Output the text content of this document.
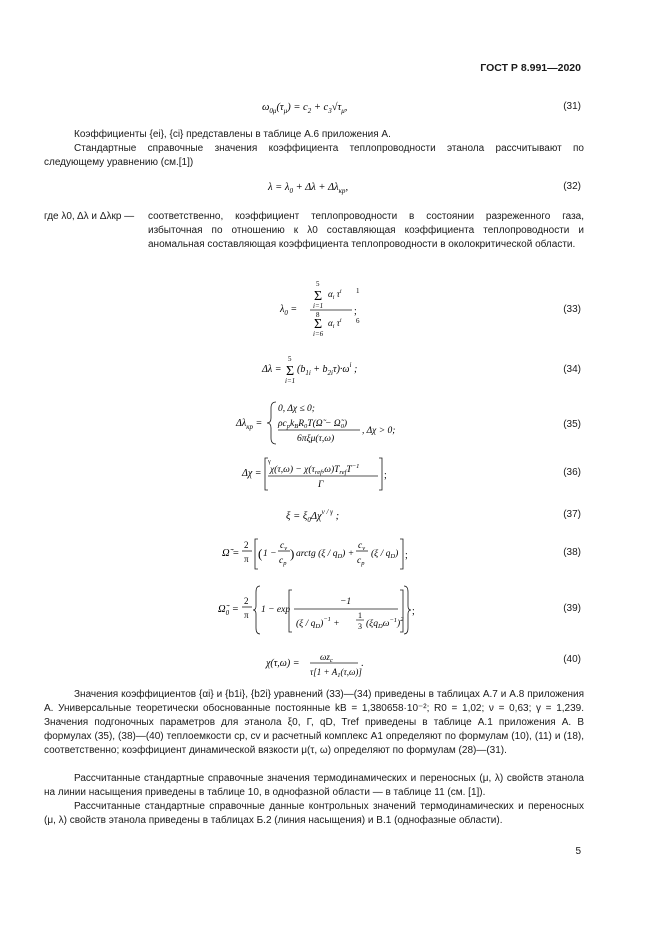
ГОСТ Р 8.991—2020
$\omega_{0\mu}(\tau_\mu) = c_2 + c_3√\tau_\mu$,	(31)
Коэффициенты {ei}, {ci} представлены в таблице А.6 приложения А.
Стандартные справочные значения коэффициента теплопроводности этанола рассчитывают по следующему уравнению (см.[1])
$\lambda = \lambda_0 + \Delta\lambda + \Delta\lambda_{кр}$,	(32)
где λ0, Δλ и Δλкр — соответственно, коэффициент теплопроводности в состоянии разреженного газа, избыточная по отношению к λ0 составляющая коэффициента теплопроводности и аномальная составляющая коэффициента теплопроводности в околокритической области.
$\lambda_0$ =
5
Σ
i=1
$\alpha_i$ $\tau^i$ 1
8
Σ
i=6
$\alpha_i$ $\tau^i$ 6
;	(33)
Δλ =
5
Σ
i=1
$(b_{1i} + b_{2i}\tau)\cdot\omega^i$ ;	(34)
$\Delta\lambda_{кр}$ =
0, Δχ ≤ 0;
$\rho c_pk_BR_0T(\Omegã$ − $\Omegã_0$)
6πξμ(τ,ω)
, Δχ > 0;
(35)
Δχ =
γ
$\chi(\tau,\omega) - \chi(\tau_{ref},\omega)T_{ref}T^{-1}$
Γ
;	(36)
$\xi = \xi_0\Delta\chi^{\nu / \gamma}$ ;	(37)
Ω̃ =
2
π ( 1 −
$c_v$
$c_p$
) arctg $(\xi / q_D)$ +
$c_v$
$c_p$
$(\xi / q_D)$ ;	(38)
$\Omegã_0$ =
2
π 1 − exp
−1
$(\xi / q_D)^{-1}$ +
1
3 $(\xi q_D\omega^{-1})^2$
;	(39)
χ(τ,ω) =
$\omega z_c$
$\tau[1 + A_1(\tau,\omega)]$
.	(40)
Значения коэффициентов {αi} и {b1i}, {b2i} уравнений (33)—(34) приведены в таблицах А.7 и А.8 приложения А. Универсальные теоретически обоснованные постоянные kB = 1,380658·10⁻²; R0 = 1,02; ν = 0,63; γ = 1,239. Значения подгоночных параметров для этанола ξ0, Γ, qD, Tref приведены в таблице А.1 приложения А. В формулах (35), (38)—(40) теплоемкости cp, cv и расчетный комплекс A1 определяют по формулам (10), (11) и (18), соответственно; коэффициент динамической вязкости μ(τ, ω) определяют по формулам (28)—(31).
Рассчитанные стандартные справочные значения термодинамических и переносных (μ, λ) свойств этанола на линии насыщения приведены в таблице 10, в однофазной области — в таблице 11 (см. [1]).
Рассчитанные стандартные справочные данные контрольных значений термодинамических и переносных (μ, λ) свойств этанола приведены в таблицах Б.2 (линия насыщения) и В.1 (однофазные области).
5
